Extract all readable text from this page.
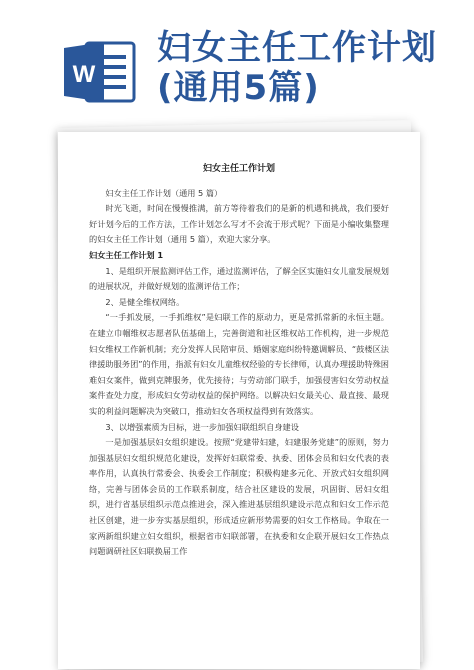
W
妇女主任工作计划
(通用5篇)
妇女主任工作计划

妇女主任工作计划（通用 5 篇）

时光飞逝，时间在慢慢推满，前方等待着我们的是新的机遇和挑战，我们要好好计划今后的工作方法，工作计划怎么写才不会流于形式呢？下面是小编收集整理的妇女主任工作计划（通用 5 篇），欢迎大家分享。

妇女主任工作计划 1

1、是组织开展监测评估工作，通过监测评估，了解全区实施妇女儿童发展规划的进展状况，并做好规划的监测评估工作；

2、是健全维权网络。

“一手抓发展，一手抓维权”是妇联工作的原动力，更是常抓常新的永恒主题。在建立巾帼维权志愿者队伍基础上，完善街道和社区维权站工作机构，进一步规范妇女维权工作新机制；充分发挥人民陪审员、婚姻家庭纠纷特邀调解员、“鼓楼区法律援助服务团”的作用，指派有妇女儿童维权经验的专长律师，认真办理援助特殊困难妇女案件，做到克牌服务，优先接待；与劳动部门联手，加强侵害妇女劳动权益案件查处力度，形成妇女劳动权益的保护网络。以解决妇女最关心、最直接、最现实的利益问题解决为突破口，推动妇女各项权益得到有效落实。

3、以增强素质为目标，进一步加强妇联组织自身建设

一是加强基层妇女组织建设。按照“党建带妇建，妇建服务党建”的原则，努力加强基层妇女组织规范化建设，发挥好妇联常委、执委、团体会员和妇女代表的表率作用，认真执行常委会、执委会工作制度；积极构建多元化、开放式妇女组织网络，完善与团体会员的工作联系制度，结合社区建设的发展，巩固街、居妇女组织，进行省基层组织示范点推进会，深入推进基层组织建设示范点和妇女工作示范社区创建，进一步夯实基层组织，形成适应新形势需要的妇女工作格局。争取在一家两新组织建立妇女组织，根据省市妇联部署，在执委和女企联开展妇女工作热点问题调研社区妇联换届工作
